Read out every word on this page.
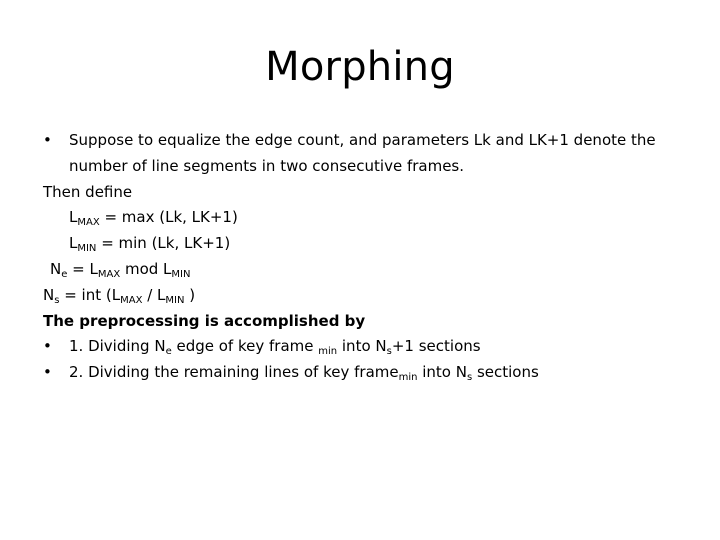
Morphing
• Suppose to equalize the edge count, and parameters Lk and LK+1 denote the number of line segments in two consecutive frames.
Then define
$L_{MAX} = \max (Lk$, LK+1)
$L_{MIN} = \min (Lk$, LK+1)
$N_e = L_{MAX}$ mod $L_{MIN}$
$N_s$ = int ($L_{MAX} / L_{MIN}$ )
The preprocessing is accomplished by
• 1. Dividing $N_e$ edge of key frame $_{min}$ into $N_s+1$ sections
• 2. Dividing the remaining lines of key frame$_{min}$ into $N_s$ sections
